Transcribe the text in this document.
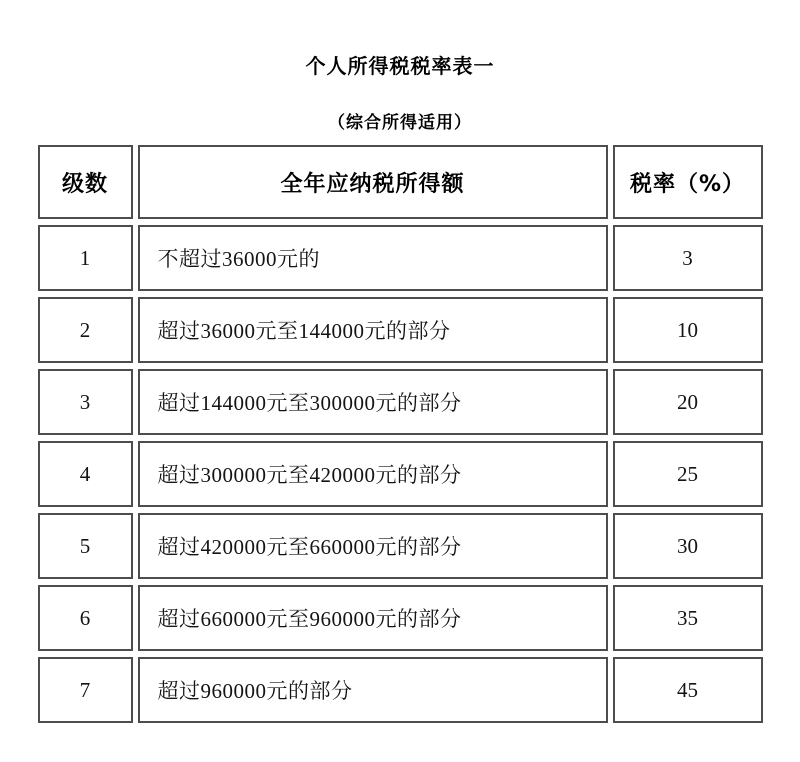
个人所得税税率表一
（综合所得适用）
级数	全年应纳税所得额	税率（%）
1	不超过36000元的	3
2	超过36000元至144000元的部分	10
3	超过144000元至300000元的部分	20
4	超过300000元至420000元的部分	25
5	超过420000元至660000元的部分	30
6	超过660000元至960000元的部分	35
7	超过960000元的部分	45
